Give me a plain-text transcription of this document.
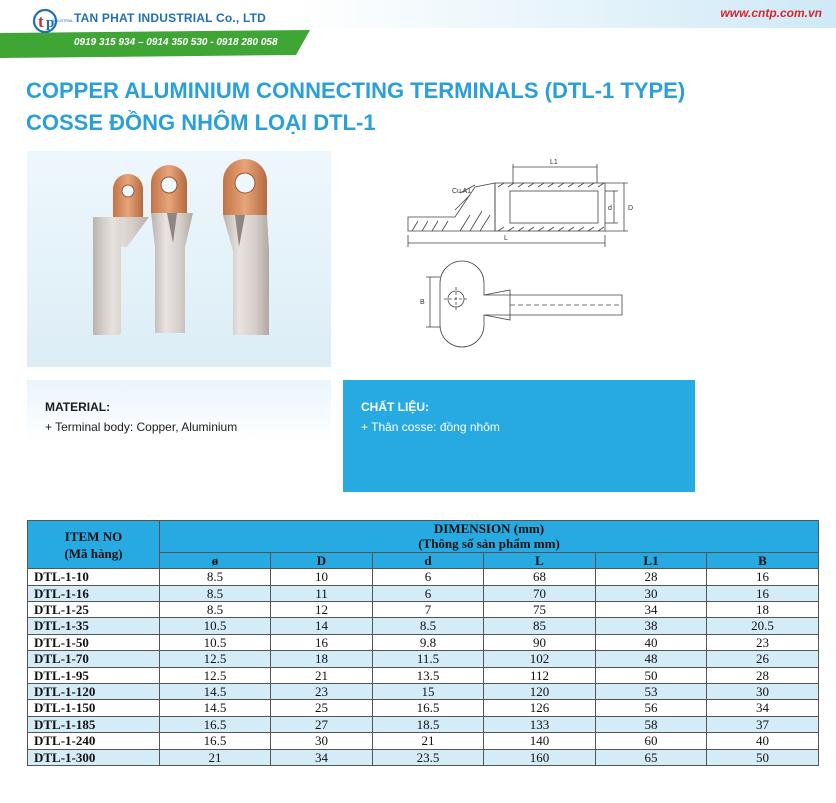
t p
INDUSTRIAL TAN PHAT INDUSTRIAL Co., LTD
0919 315 934 – 0914 350 530 - 0918 280 058
www.cntp.com.vn
COPPER ALUMINIUM CONNECTING TERMINALS (DTL-1 TYPE)
COSSE ĐỒNG NHÔM LOẠI DTL-1
L1
Cu A1
d D
L
B
MATERIAL:
+ Terminal body: Copper, Aluminium
CHẤT LIỆU:
+ Thân cosse: đồng nhôm
ITEM NO
(Mã hàng)	DIMENSION (mm)
(Thông số sản phẩm mm)					
	ø	D	d	L	L1	B
DTL-1-10	8.5	10	6	68	28	16
DTL-1-16	8.5	11	6	70	30	16
DTL-1-25	8.5	12	7	75	34	18
DTL-1-35	10.5	14	8.5	85	38	20.5
DTL-1-50	10.5	16	9.8	90	40	23
DTL-1-70	12.5	18	11.5	102	48	26
DTL-1-95	12.5	21	13.5	112	50	28
DTL-1-120	14.5	23	15	120	53	30
DTL-1-150	14.5	25	16.5	126	56	34
DTL-1-185	16.5	27	18.5	133	58	37
DTL-1-240	16.5	30	21	140	60	40
DTL-1-300	21	34	23.5	160	65	50
